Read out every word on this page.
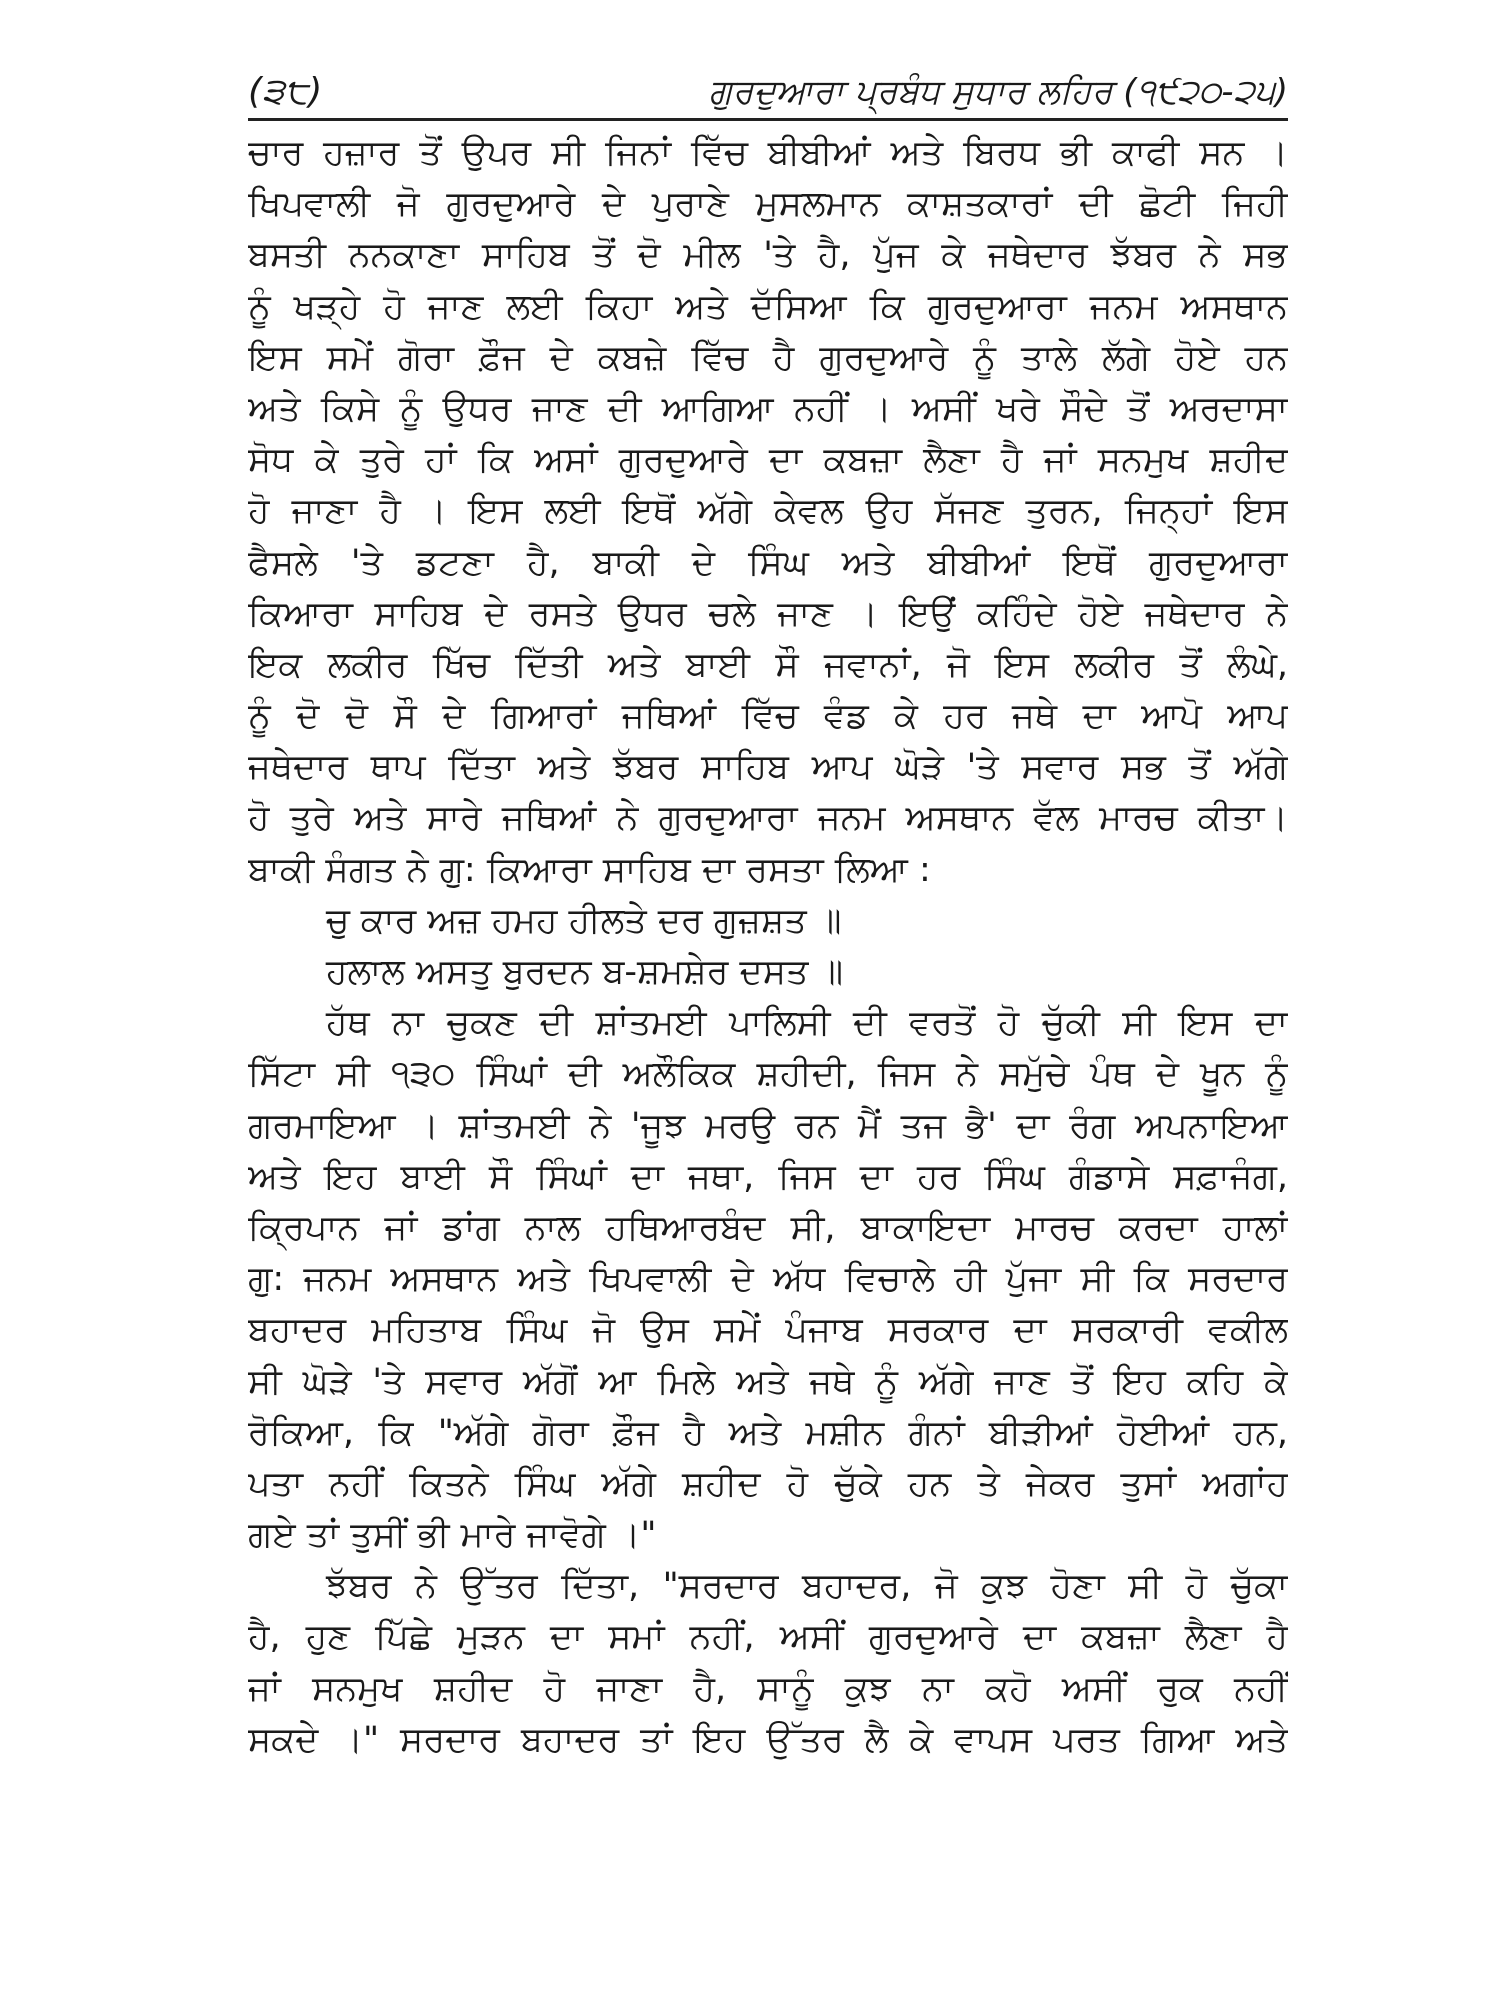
(੩੮)	ਗੁਰਦੁਆਰਾ ਪ੍ਰਬੰਧ ਸੁਧਾਰ ਲਹਿਰ (੧੯੨੦-੨੫)
ਚਾਰ ਹਜ਼ਾਰ ਤੋਂ ਉਪਰ ਸੀ ਜਿਨਾਂ ਵਿੱਚ ਬੀਬੀਆਂ ਅਤੇ ਬਿਰਧ ਭੀ ਕਾਫੀ ਸਨ ।
ਖਿਪਵਾਲੀ ਜੋ ਗੁਰਦੁਆਰੇ ਦੇ ਪੁਰਾਣੇ ਮੁਸਲਮਾਨ ਕਾਸ਼ਤਕਾਰਾਂ ਦੀ ਛੋਟੀ ਜਿਹੀ
ਬਸਤੀ ਨਨਕਾਣਾ ਸਾਹਿਬ ਤੋਂ ਦੋ ਮੀਲ 'ਤੇ ਹੈ, ਪੁੱਜ ਕੇ ਜਥੇਦਾਰ ਝੱਬਰ ਨੇ ਸਭ
ਨੂੰ ਖੜ੍ਹੇ ਹੋ ਜਾਣ ਲਈ ਕਿਹਾ ਅਤੇ ਦੱਸਿਆ ਕਿ ਗੁਰਦੁਆਰਾ ਜਨਮ ਅਸਥਾਨ
ਇਸ ਸਮੇਂ ਗੋਰਾ ਫ਼ੌਜ ਦੇ ਕਬਜ਼ੇ ਵਿੱਚ ਹੈ ਗੁਰਦੁਆਰੇ ਨੂੰ ਤਾਲੇ ਲੱਗੇ ਹੋਏ ਹਨ
ਅਤੇ ਕਿਸੇ ਨੂੰ ਉਧਰ ਜਾਣ ਦੀ ਆਗਿਆ ਨਹੀਂ । ਅਸੀਂ ਖਰੇ ਸੌਦੇ ਤੋਂ ਅਰਦਾਸਾ
ਸੋਧ ਕੇ ਤੁਰੇ ਹਾਂ ਕਿ ਅਸਾਂ ਗੁਰਦੁਆਰੇ ਦਾ ਕਬਜ਼ਾ ਲੈਣਾ ਹੈ ਜਾਂ ਸਨਮੁਖ ਸ਼ਹੀਦ
ਹੋ ਜਾਣਾ ਹੈ । ਇਸ ਲਈ ਇਥੋਂ ਅੱਗੇ ਕੇਵਲ ਉਹ ਸੱਜਣ ਤੁਰਨ, ਜਿਨ੍ਹਾਂ ਇਸ
ਫੈਸਲੇ 'ਤੇ ਡਟਣਾ ਹੈ, ਬਾਕੀ ਦੇ ਸਿੰਘ ਅਤੇ ਬੀਬੀਆਂ ਇਥੋਂ ਗੁਰਦੁਆਰਾ
ਕਿਆਰਾ ਸਾਹਿਬ ਦੇ ਰਸਤੇ ਉਧਰ ਚਲੇ ਜਾਣ । ਇਉਂ ਕਹਿੰਦੇ ਹੋਏ ਜਥੇਦਾਰ ਨੇ
ਇਕ ਲਕੀਰ ਖਿੱਚ ਦਿੱਤੀ ਅਤੇ ਬਾਈ ਸੌ ਜਵਾਨਾਂ, ਜੋ ਇਸ ਲਕੀਰ ਤੋਂ ਲੰਘੇ,
ਨੂੰ ਦੋ ਦੋ ਸੌ ਦੇ ਗਿਆਰਾਂ ਜਥਿਆਂ ਵਿੱਚ ਵੰਡ ਕੇ ਹਰ ਜਥੇ ਦਾ ਆਪੋ ਆਪ
ਜਥੇਦਾਰ ਥਾਪ ਦਿੱਤਾ ਅਤੇ ਝੱਬਰ ਸਾਹਿਬ ਆਪ ਘੋੜੇ 'ਤੇ ਸਵਾਰ ਸਭ ਤੋਂ ਅੱਗੇ
ਹੋ ਤੁਰੇ ਅਤੇ ਸਾਰੇ ਜਥਿਆਂ ਨੇ ਗੁਰਦੁਆਰਾ ਜਨਮ ਅਸਥਾਨ ਵੱਲ ਮਾਰਚ ਕੀਤਾ।
ਬਾਕੀ ਸੰਗਤ ਨੇ ਗੁ: ਕਿਆਰਾ ਸਾਹਿਬ ਦਾ ਰਸਤਾ ਲਿਆ :
ਚੁ ਕਾਰ ਅਜ਼ ਹਮਹ ਹੀਲਤੇ ਦਰ ਗੁਜ਼ਸ਼ਤ ॥
ਹਲਾਲ ਅਸਤੁ ਬੁਰਦਨ ਬ-ਸ਼ਮਸ਼ੇਰ ਦਸਤ ॥
ਹੱਥ ਨਾ ਚੁਕਣ ਦੀ ਸ਼ਾਂਤਮਈ ਪਾਲਿਸੀ ਦੀ ਵਰਤੋਂ ਹੋ ਚੁੱਕੀ ਸੀ ਇਸ ਦਾ
ਸਿੱਟਾ ਸੀ ੧੩੦ ਸਿੰਘਾਂ ਦੀ ਅਲੌਕਿਕ ਸ਼ਹੀਦੀ, ਜਿਸ ਨੇ ਸਮੁੱਚੇ ਪੰਥ ਦੇ ਖੂਨ ਨੂੰ
ਗਰਮਾਇਆ । ਸ਼ਾਂਤਮਈ ਨੇ 'ਜੂਝ ਮਰਉ ਰਨ ਮੈਂ ਤਜ ਭੈ' ਦਾ ਰੰਗ ਅਪਨਾਇਆ
ਅਤੇ ਇਹ ਬਾਈ ਸੌ ਸਿੰਘਾਂ ਦਾ ਜਥਾ, ਜਿਸ ਦਾ ਹਰ ਸਿੰਘ ਗੰਡਾਸੇ ਸਫ਼ਾਜੰਗ,
ਕ੍ਰਿਪਾਨ ਜਾਂ ਡਾਂਗ ਨਾਲ ਹਥਿਆਰਬੰਦ ਸੀ, ਬਾਕਾਇਦਾ ਮਾਰਚ ਕਰਦਾ ਹਾਲਾਂ
ਗੁ: ਜਨਮ ਅਸਥਾਨ ਅਤੇ ਖਿਪਵਾਲੀ ਦੇ ਅੱਧ ਵਿਚਾਲੇ ਹੀ ਪੁੱਜਾ ਸੀ ਕਿ ਸਰਦਾਰ
ਬਹਾਦਰ ਮਹਿਤਾਬ ਸਿੰਘ ਜੋ ਉਸ ਸਮੇਂ ਪੰਜਾਬ ਸਰਕਾਰ ਦਾ ਸਰਕਾਰੀ ਵਕੀਲ
ਸੀ ਘੋੜੇ 'ਤੇ ਸਵਾਰ ਅੱਗੋਂ ਆ ਮਿਲੇ ਅਤੇ ਜਥੇ ਨੂੰ ਅੱਗੇ ਜਾਣ ਤੋਂ ਇਹ ਕਹਿ ਕੇ
ਰੋਕਿਆ, ਕਿ "ਅੱਗੇ ਗੋਰਾ ਫ਼ੌਜ ਹੈ ਅਤੇ ਮਸ਼ੀਨ ਗੰਨਾਂ ਬੀੜੀਆਂ ਹੋਈਆਂ ਹਨ,
ਪਤਾ ਨਹੀਂ ਕਿਤਨੇ ਸਿੰਘ ਅੱਗੇ ਸ਼ਹੀਦ ਹੋ ਚੁੱਕੇ ਹਨ ਤੇ ਜੇਕਰ ਤੁਸਾਂ ਅਗਾਂਹ
ਗਏ ਤਾਂ ਤੁਸੀਂ ਭੀ ਮਾਰੇ ਜਾਵੋਗੇ ।"
ਝੱਬਰ ਨੇ ਉੱਤਰ ਦਿੱਤਾ, "ਸਰਦਾਰ ਬਹਾਦਰ, ਜੋ ਕੁਝ ਹੋਣਾ ਸੀ ਹੋ ਚੁੱਕਾ
ਹੈ, ਹੁਣ ਪਿੱਛੇ ਮੁੜਨ ਦਾ ਸਮਾਂ ਨਹੀਂ, ਅਸੀਂ ਗੁਰਦੁਆਰੇ ਦਾ ਕਬਜ਼ਾ ਲੈਣਾ ਹੈ
ਜਾਂ ਸਨਮੁਖ ਸ਼ਹੀਦ ਹੋ ਜਾਣਾ ਹੈ, ਸਾਨੂੰ ਕੁਝ ਨਾ ਕਹੋ ਅਸੀਂ ਰੁਕ ਨਹੀਂ
ਸਕਦੇ ।" ਸਰਦਾਰ ਬਹਾਦਰ ਤਾਂ ਇਹ ਉੱਤਰ ਲੈ ਕੇ ਵਾਪਸ ਪਰਤ ਗਿਆ ਅਤੇ
